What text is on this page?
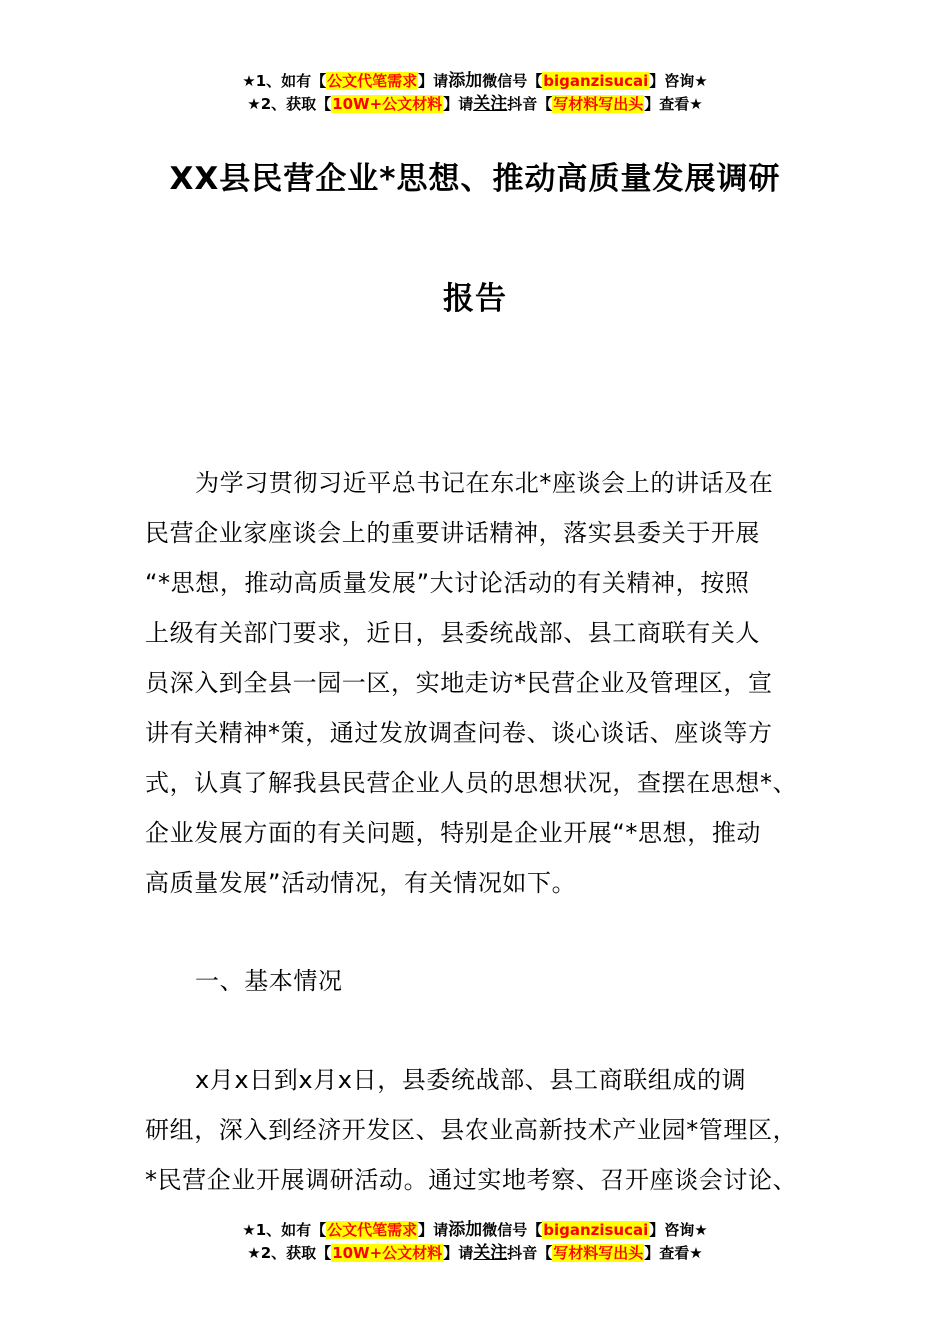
★1、如有【公文代笔需求】请添加微信号【biganzisucai】咨询★
★2、获取【10W+公文材料】请关注抖音【写材料写出头】查看★
XX县民营企业*思想、推动高质量发展调研
报告
为学习贯彻习近平总书记在东北*座谈会上的讲话及在
民营企业家座谈会上的重要讲话精神，落实县委关于开展
“*思想，推动高质量发展”大讨论活动的有关精神，按照
上级有关部门要求，近日，县委统战部、县工商联有关人
员深入到全县一园一区，实地走访*民营企业及管理区，宣
讲有关精神*策，通过发放调查问卷、谈心谈话、座谈等方
式，认真了解我县民营企业人员的思想状况，查摆在思想*、
企业发展方面的有关问题，特别是企业开展“*思想，推动
高质量发展”活动情况，有关情况如下。
一、基本情况
x月x日到x月x日，县委统战部、县工商联组成的调
研组，深入到经济开发区、县农业高新技术产业园*管理区，
*民营企业开展调研活动。通过实地考察、召开座谈会讨论、
★1、如有【公文代笔需求】请添加微信号【biganzisucai】咨询★
★2、获取【10W+公文材料】请关注抖音【写材料写出头】查看★
